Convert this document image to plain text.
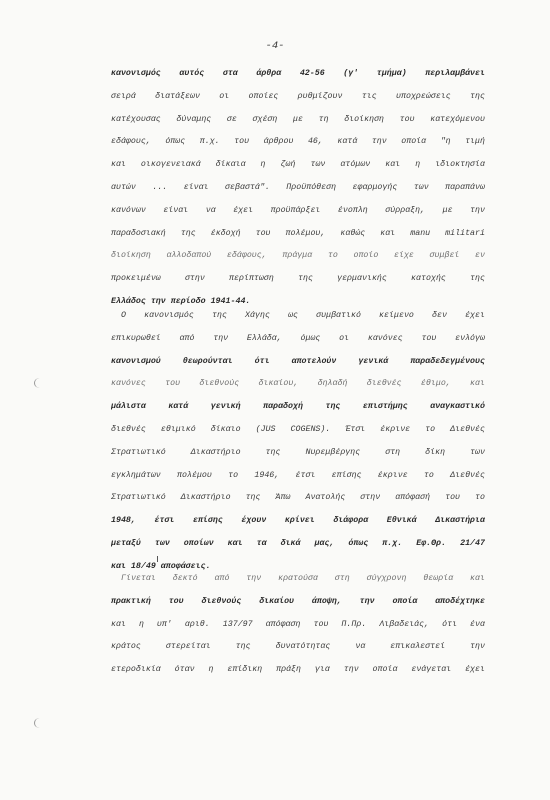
-4-
κανονισμός αυτός στα άρθρα 42-56 (γ' τμήμα) περιλαμβάνει
σειρά διατάξεων οι οποίες ρυθμίζουν τις υποχρεώσεις της
κατέχουσας δύναμης σε σχέση με τη διοίκηση του κατεχόμενου
εδάφους, όπως π.χ. του άρθρου 46, κατά την οποία "η τιμή
και οικογενειακά δίκαια η ζωή των ατόμων και η ιδιοκτησία
αυτών ... είναι σεβαστά". Προϋπόθεση εφαρμογής των παραπάνω
κανόνων είναι να έχει προϋπάρξει ένοπλη σύρραξη, με την
παραδοσιακή της έκδοχή του πολέμου, καθώς και manu militari
διοίκηση αλλοδαπού εδάφους, πράγμα το οποίο είχε συμβεί εν
προκειμένω στην περίπτωση της γερμανικής κατοχής της
Ελλάδος την περίοδο 1941-44.
Ο κανονισμός της Χάγης ως συμβατικό κείμενο δεν έχει
επικυρωθεί από την Ελλάδα, όμως οι κανόνες του ενλόγω
κανονισμού θεωρούνται ότι αποτελούν γενικά παραδεδεγμένους
κανόνες του διεθνούς δικαίου, δηλαδή διεθνές έθιμο, και
μάλιστα κατά γενική παραδοχή της επιστήμης αναγκαστικό
διεθνές εθιμικό δίκαιο (JUS COGENS). Έτσι έκρινε το Διεθνές
Στρατιωτικό Δικαστήριο της Νυρεμβέργης στη δίκη των
εγκλημάτων πολέμου το 1946, έτσι επίσης έκρινε το Διεθνές
Στρατιωτικό Δικαστήριο της Άπω Ανατολής στην απόφασή του το
1948, έτσι επίσης έχουν κρίνει διάφορα Εθνικά Δικαστήρια
μεταξύ των οποίων και τα δικά μας, όπως π.χ. Εφ.Θρ. 21/47
και 18/49 αποφάσεις.
Γίνεται δεκτό από την κρατούσα στη σύγχρονη θεωρία και
πρακτική του διεθνούς δικαίου άποψη, την οποία αποδέχτηκε
και η υπ' αριθ. 137/97 απόφαση του Π.Πρ. Λιβαδειάς, ότι ένα
κράτος στερείται της δυνατότητας να επικαλεστεί την
ετεροδικία όταν η επίδικη πράξη για την οποία ενάγεται έχει
